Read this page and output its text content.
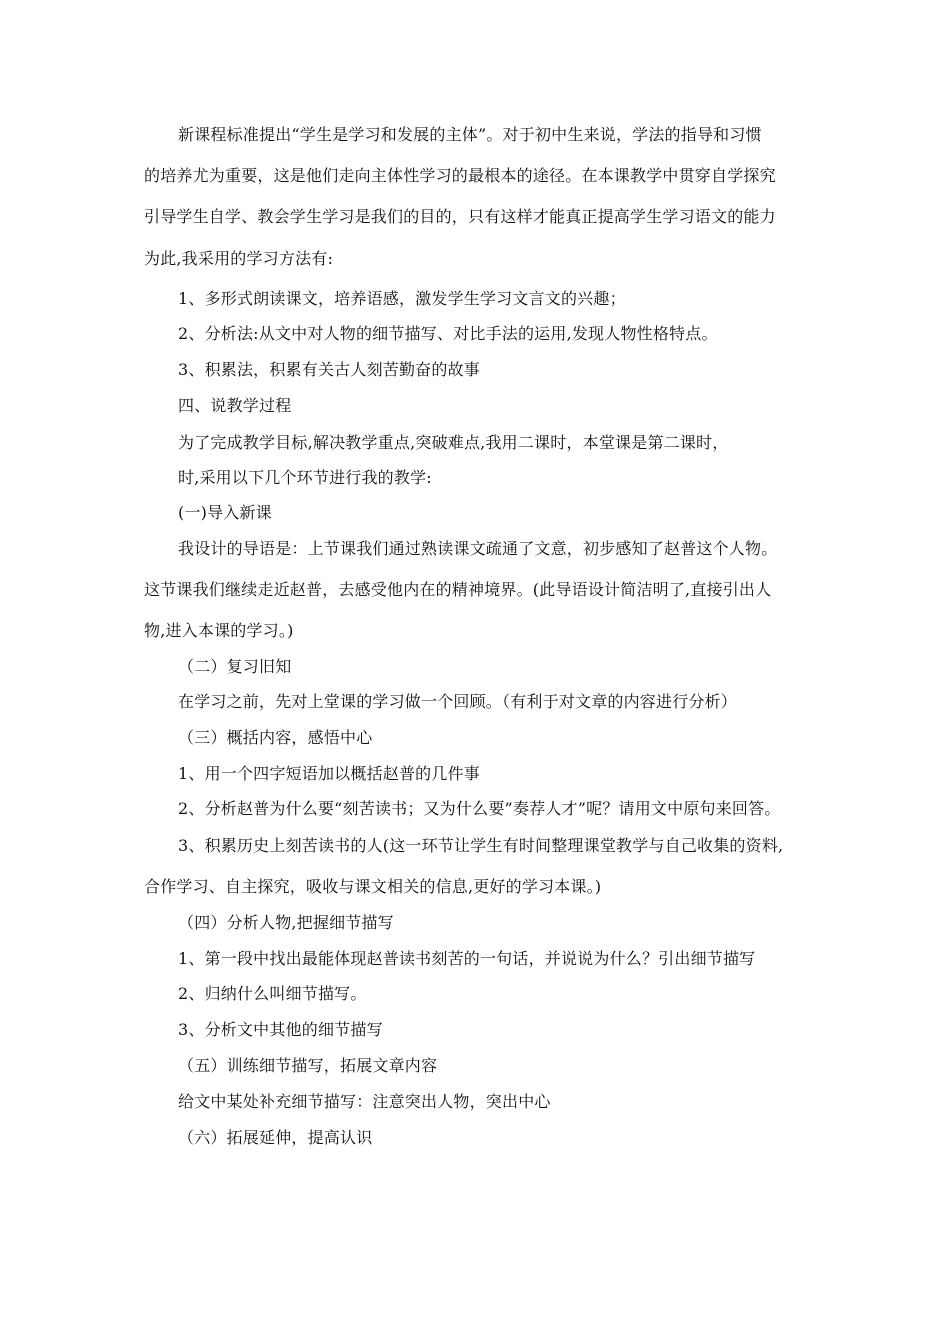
新课程标准提出“学生是学习和发展的主体”。对于初中生来说，学法的指导和习惯
的培养尤为重要，这是他们走向主体性学习的最根本的途径。在本课教学中贯穿自学探究
引导学生自学、教会学生学习是我们的目的，只有这样才能真正提高学生学习语文的能力
为此,我采用的学习方法有:
1、多形式朗读课文，培养语感，激发学生学习文言文的兴趣；
2、分析法:从文中对人物的细节描写、对比手法的运用,发现人物性格特点。
3、积累法，积累有关古人刻苦勤奋的故事
四、说教学过程
为了完成教学目标,解决教学重点,突破难点,我用二课时，本堂课是第二课时，
时,采用以下几个环节进行我的教学:
(一)导入新课
我设计的导语是：上节课我们通过熟读课文疏通了文意，初步感知了赵普这个人物。
这节课我们继续走近赵普，去感受他内在的精神境界。(此导语设计简洁明了,直接引出人
物,进入本课的学习。)
（二）复习旧知
在学习之前，先对上堂课的学习做一个回顾。（有利于对文章的内容进行分析）
（三）概括内容，感悟中心
1、用一个四字短语加以概括赵普的几件事
2、分析赵普为什么要“刻苦读书；又为什么要”奏荐人才”呢？请用文中原句来回答。
3、积累历史上刻苦读书的人(这一环节让学生有时间整理课堂教学与自己收集的资料,
合作学习、自主探究，吸收与课文相关的信息,更好的学习本课。)
（四）分析人物,把握细节描写
1、第一段中找出最能体现赵普读书刻苦的一句话，并说说为什么？引出细节描写
2、归纳什么叫细节描写。
3、分析文中其他的细节描写
（五）训练细节描写，拓展文章内容
给文中某处补充细节描写：注意突出人物，突出中心
（六）拓展延伸，提高认识
